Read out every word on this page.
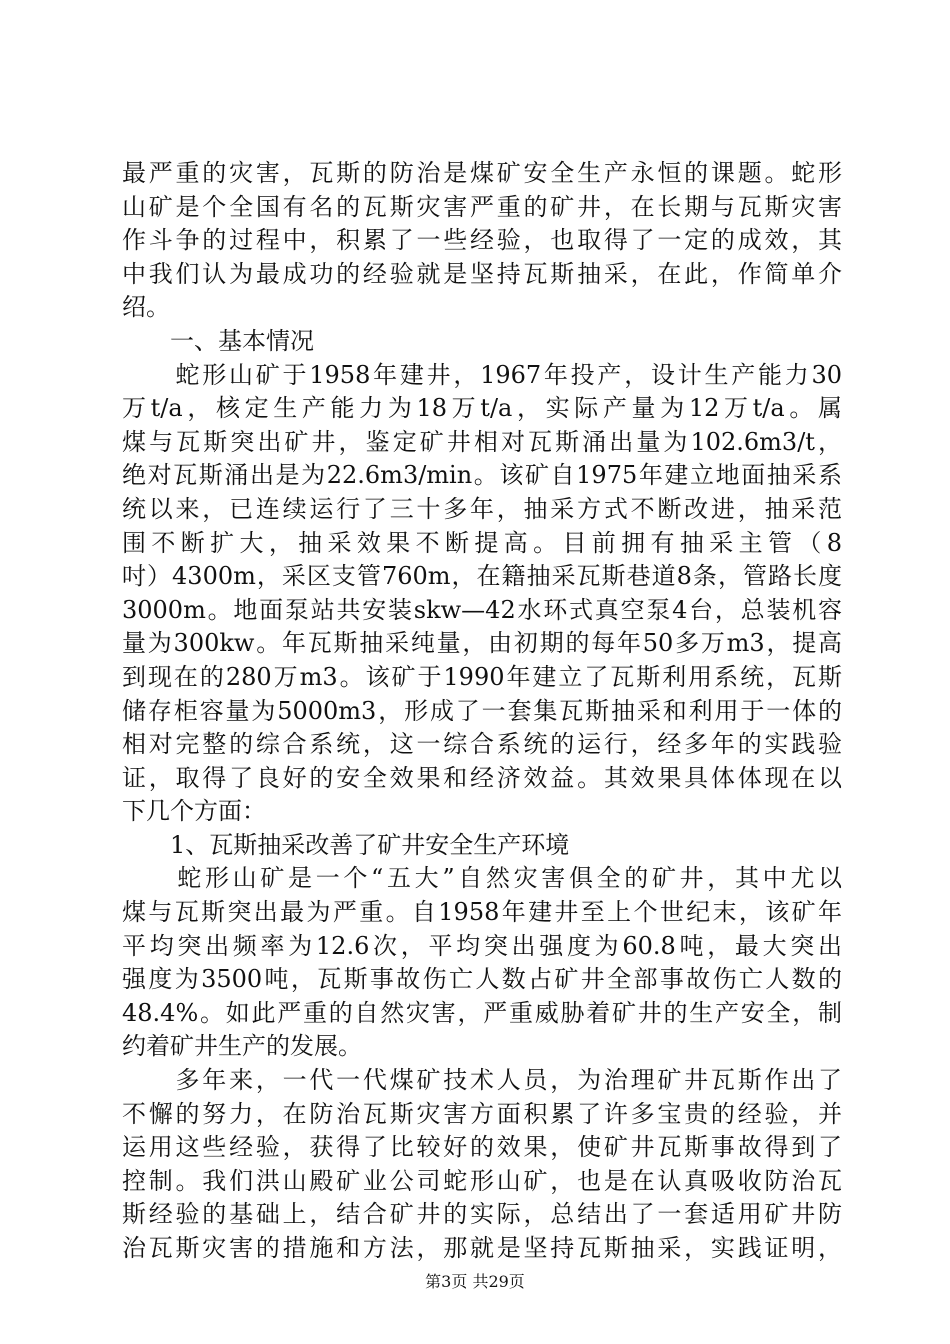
最严重的灾害，瓦斯的防治是煤矿安全生产永恒的课题。蛇形
山矿是个全国有名的瓦斯灾害严重的矿井，在长期与瓦斯灾害
作斗争的过程中，积累了一些经验，也取得了一定的成效，其
中我们认为最成功的经验就是坚持瓦斯抽采，在此，作简单介
绍。
　　一、基本情况
　　蛇形山矿于1958年建井，1967年投产，设计生产能力30
万t/a，核定生产能力为18万t/a，实际产量为12万t/a。属
煤与瓦斯突出矿井，鉴定矿井相对瓦斯涌出量为102.6m3/t，
绝对瓦斯涌出是为22.6m3/min。该矿自1975年建立地面抽采系
统以来，已连续运行了三十多年，抽采方式不断改进，抽采范
围不断扩大，抽采效果不断提高。目前拥有抽采主管（8
吋）4300m，采区支管760m，在籍抽采瓦斯巷道8条，管路长度
3000m。地面泵站共安装skw—42水环式真空泵4台，总装机容
量为300kw。年瓦斯抽采纯量，由初期的每年50多万m3，提高
到现在的280万m3。该矿于1990年建立了瓦斯利用系统，瓦斯
储存柜容量为5000m3，形成了一套集瓦斯抽采和利用于一体的
相对完整的综合系统，这一综合系统的运行，经多年的实践验
证，取得了良好的安全效果和经济效益。其效果具体体现在以
下几个方面：
　　1、瓦斯抽采改善了矿井安全生产环境
　　蛇形山矿是一个“五大”自然灾害俱全的矿井，其中尤以
煤与瓦斯突出最为严重。自1958年建井至上个世纪末，该矿年
平均突出频率为12.6次，平均突出强度为60.8吨，最大突出
强度为3500吨，瓦斯事故伤亡人数占矿井全部事故伤亡人数的
48.4%。如此严重的自然灾害，严重威胁着矿井的生产安全，制
约着矿井生产的发展。
　　多年来，一代一代煤矿技术人员，为治理矿井瓦斯作出了
不懈的努力，在防治瓦斯灾害方面积累了许多宝贵的经验，并
运用这些经验，获得了比较好的效果，使矿井瓦斯事故得到了
控制。我们洪山殿矿业公司蛇形山矿，也是在认真吸收防治瓦
斯经验的基础上，结合矿井的实际，总结出了一套适用矿井防
治瓦斯灾害的措施和方法，那就是坚持瓦斯抽采，实践证明，
第3页 共29页
